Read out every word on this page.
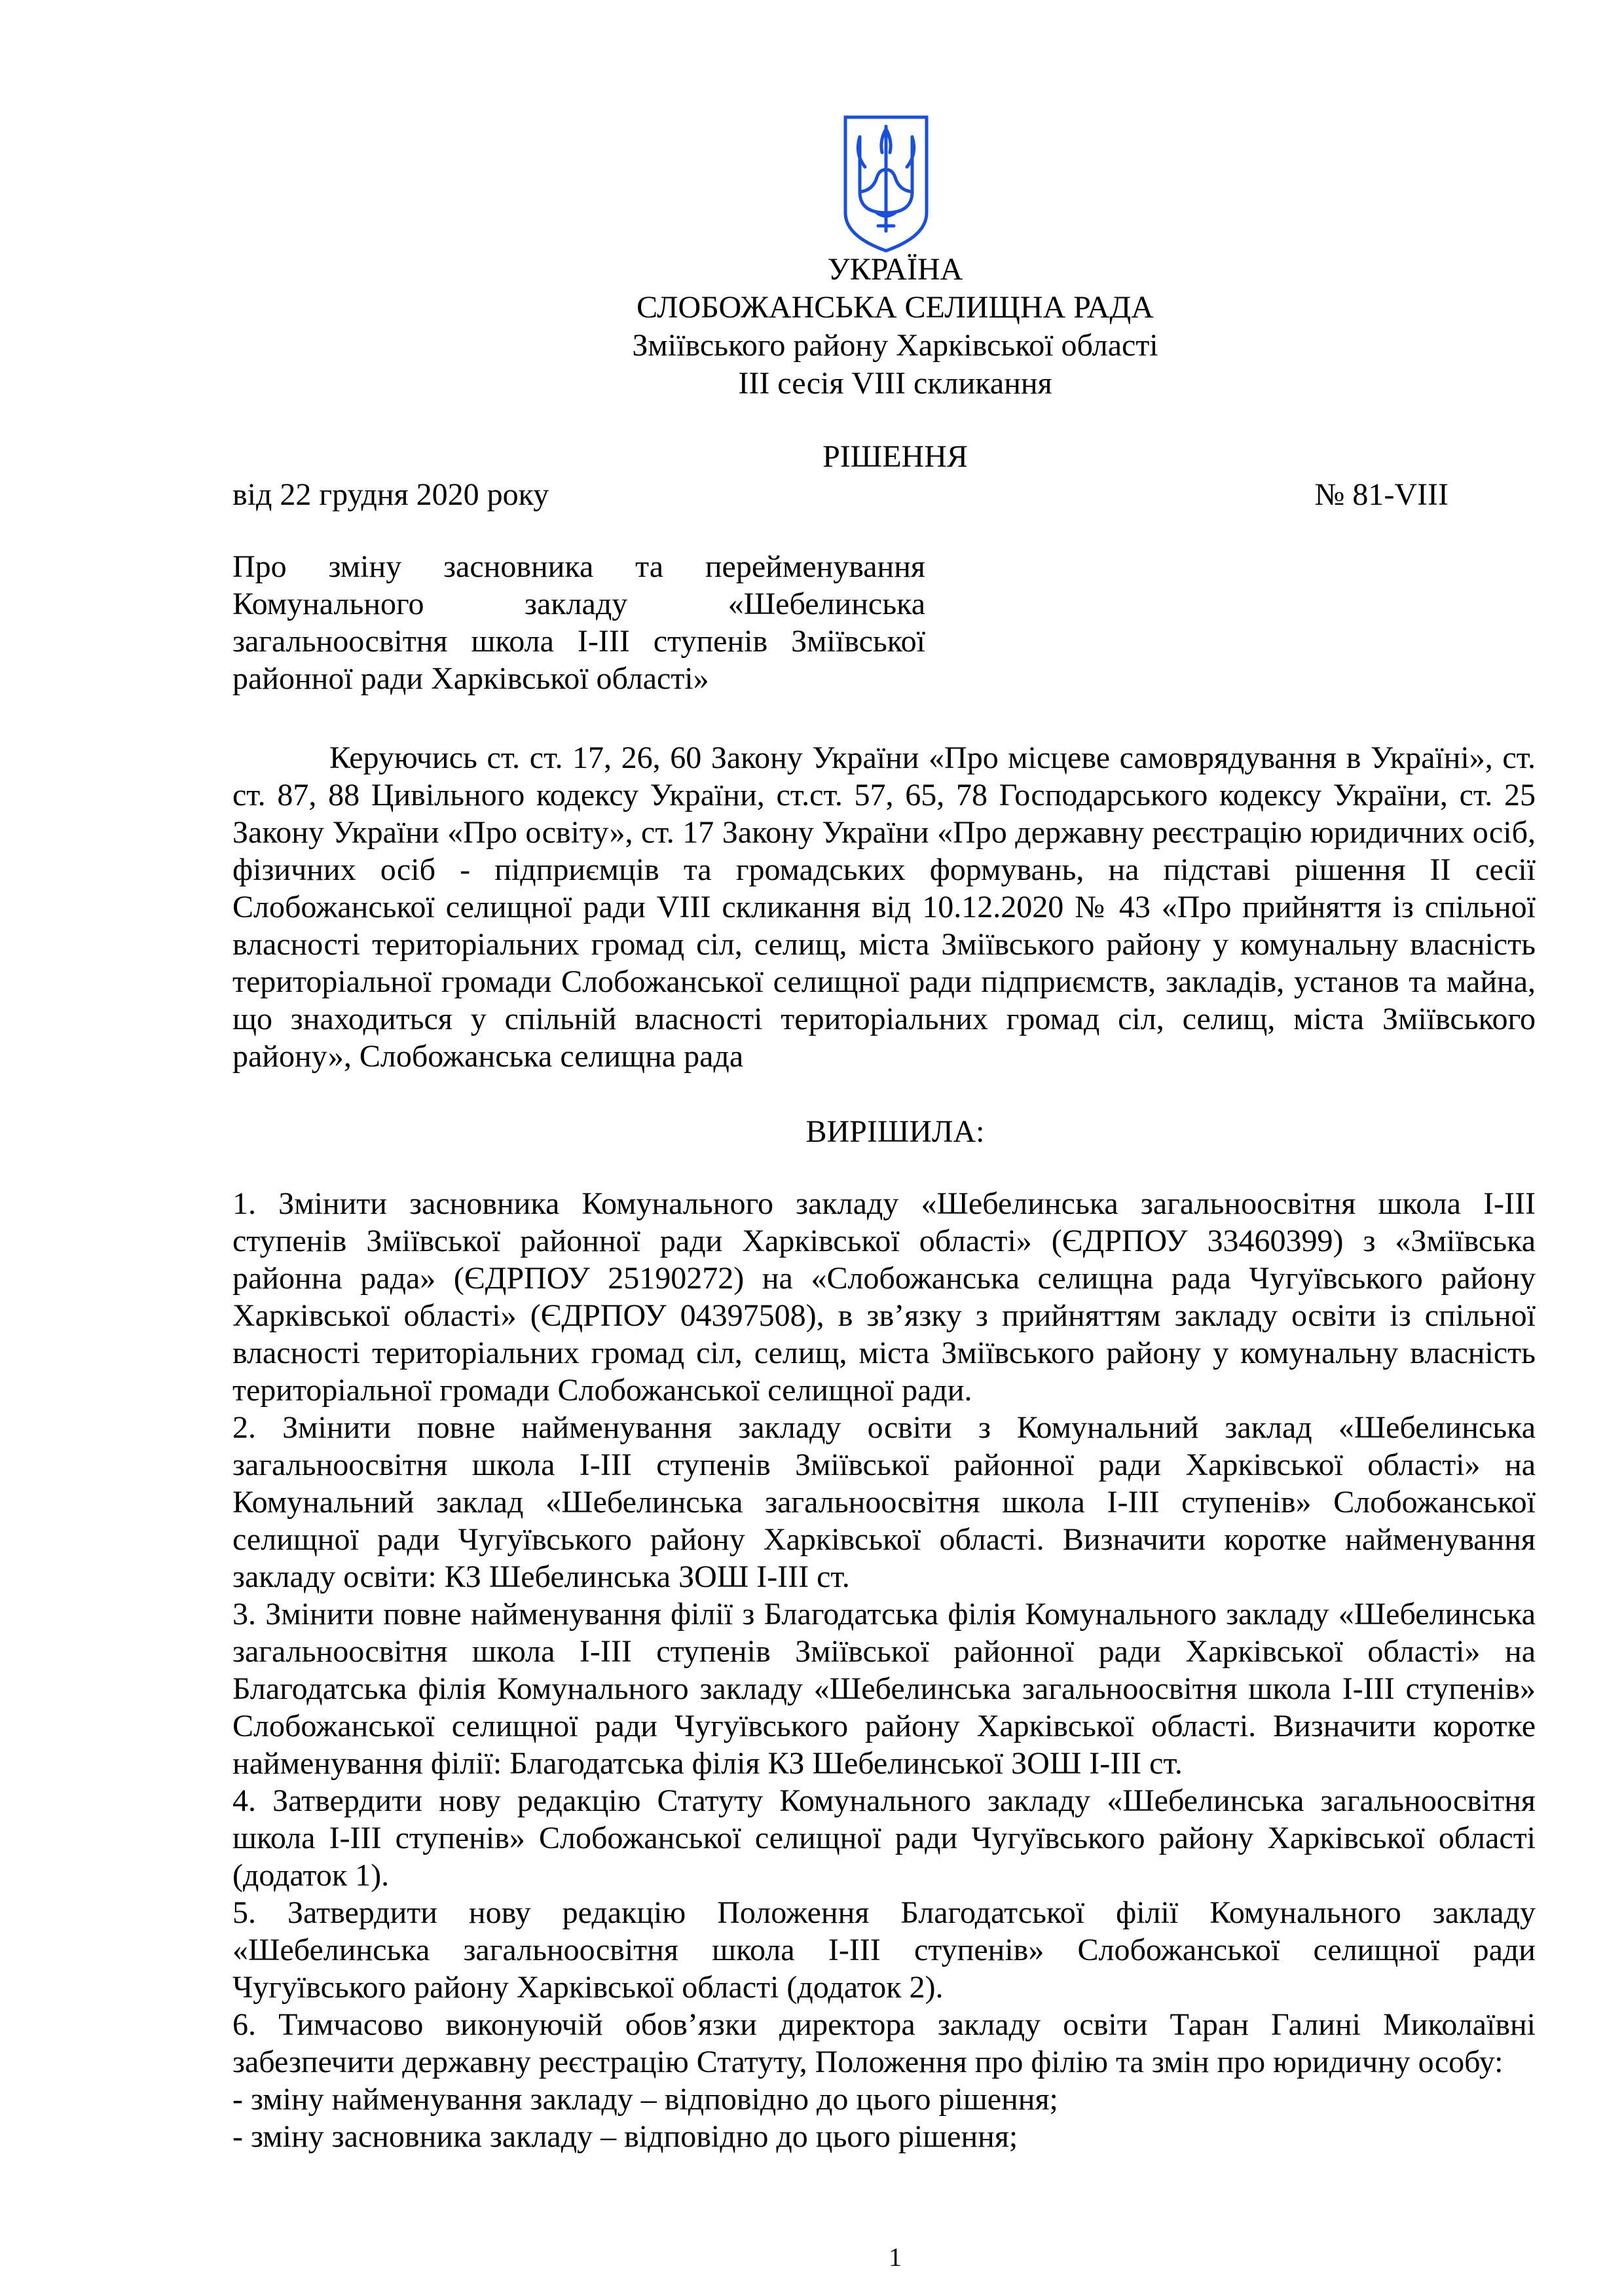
УКРАЇНА
СЛОБОЖАНСЬКА СЕЛИЩНА РАДА
Зміївського району Харківської області
ІІІ сесія VIІІ скликання
РІШЕННЯ
від 22 грудня 2020 року	№ 81-VIII
Про зміну засновника та перейменування Комунального закладу «Шебелинська загальноосвітня школа І-ІІІ ступенів Зміївської районної ради Харківської області»
Керуючись ст. ст. 17, 26, 60 Закону України «Про місцеве самоврядування в Україні», ст. ст. 87, 88 Цивільного кодексу України, ст.ст. 57, 65, 78 Господарського кодексу України, ст. 25 Закону України «Про освіту», ст. 17 Закону України «Про державну реєстрацію юридичних осіб, фізичних осіб - підприємців та громадських формувань, на підставі рішення ІІ сесії Слобожанської селищної ради VІІІ скликання від 10.12.2020 № 43 «Про прийняття із спільної власності територіальних громад сіл, селищ, міста Зміївського району у комунальну власність територіальної громади Слобожанської селищної ради підприємств, закладів, установ та майна, що знаходиться у спільній власності територіальних громад сіл, селищ, міста Зміївського району», Слобожанська селищна рада
ВИРІШИЛА:

1. Змінити засновника Комунального закладу «Шебелинська загальноосвітня школа І-ІІІ ступенів Зміївської районної ради Харківської області» (ЄДРПОУ 33460399) з «Зміївська районна рада» (ЄДРПОУ 25190272) на «Слобожанська селищна рада Чугуївського району Харківської області» (ЄДРПОУ 04397508), в зв’язку з прийняттям закладу освіти із спільної власності територіальних громад сіл, селищ, міста Зміївського району у комунальну власність територіальної громади Слобожанської селищної ради.

2. Змінити повне найменування закладу освіти з Комунальний заклад «Шебелинська загальноосвітня школа І-ІІІ ступенів Зміївської районної ради Харківської області» на Комунальний заклад «Шебелинська загальноосвітня школа І-ІІІ ступенів» Слобожанської селищної ради Чугуївського району Харківської області. Визначити коротке найменування закладу освіти: КЗ Шебелинська ЗОШ І-ІІІ ст.

3. Змінити повне найменування філії з Благодатська філія Комунального закладу «Шебелинська загальноосвітня школа І-ІІІ ступенів Зміївської районної ради Харківської області» на Благодатська філія Комунального закладу «Шебелинська загальноосвітня школа І-ІІІ ступенів» Слобожанської селищної ради Чугуївського району Харківської області. Визначити коротке найменування філії: Благодатська філія КЗ Шебелинської ЗОШ І-ІІІ ст.

4. Затвердити нову редакцію Статуту Комунального закладу «Шебелинська загальноосвітня школа І-ІІІ ступенів» Слобожанської селищної ради Чугуївського району Харківської області (додаток 1).

5. Затвердити нову редакцію Положення Благодатської філії Комунального закладу «Шебелинська загальноосвітня школа І-ІІІ ступенів» Слобожанської селищної ради Чугуївського району Харківської області (додаток 2).

6. Тимчасово виконуючій обов’язки директора закладу освіти Таран Галині Миколаївні забезпечити державну реєстрацію Статуту, Положення про філію та змін про юридичну особу:

- зміну найменування закладу – відповідно до цього рішення;

- зміну засновника закладу – відповідно до цього рішення;

1
